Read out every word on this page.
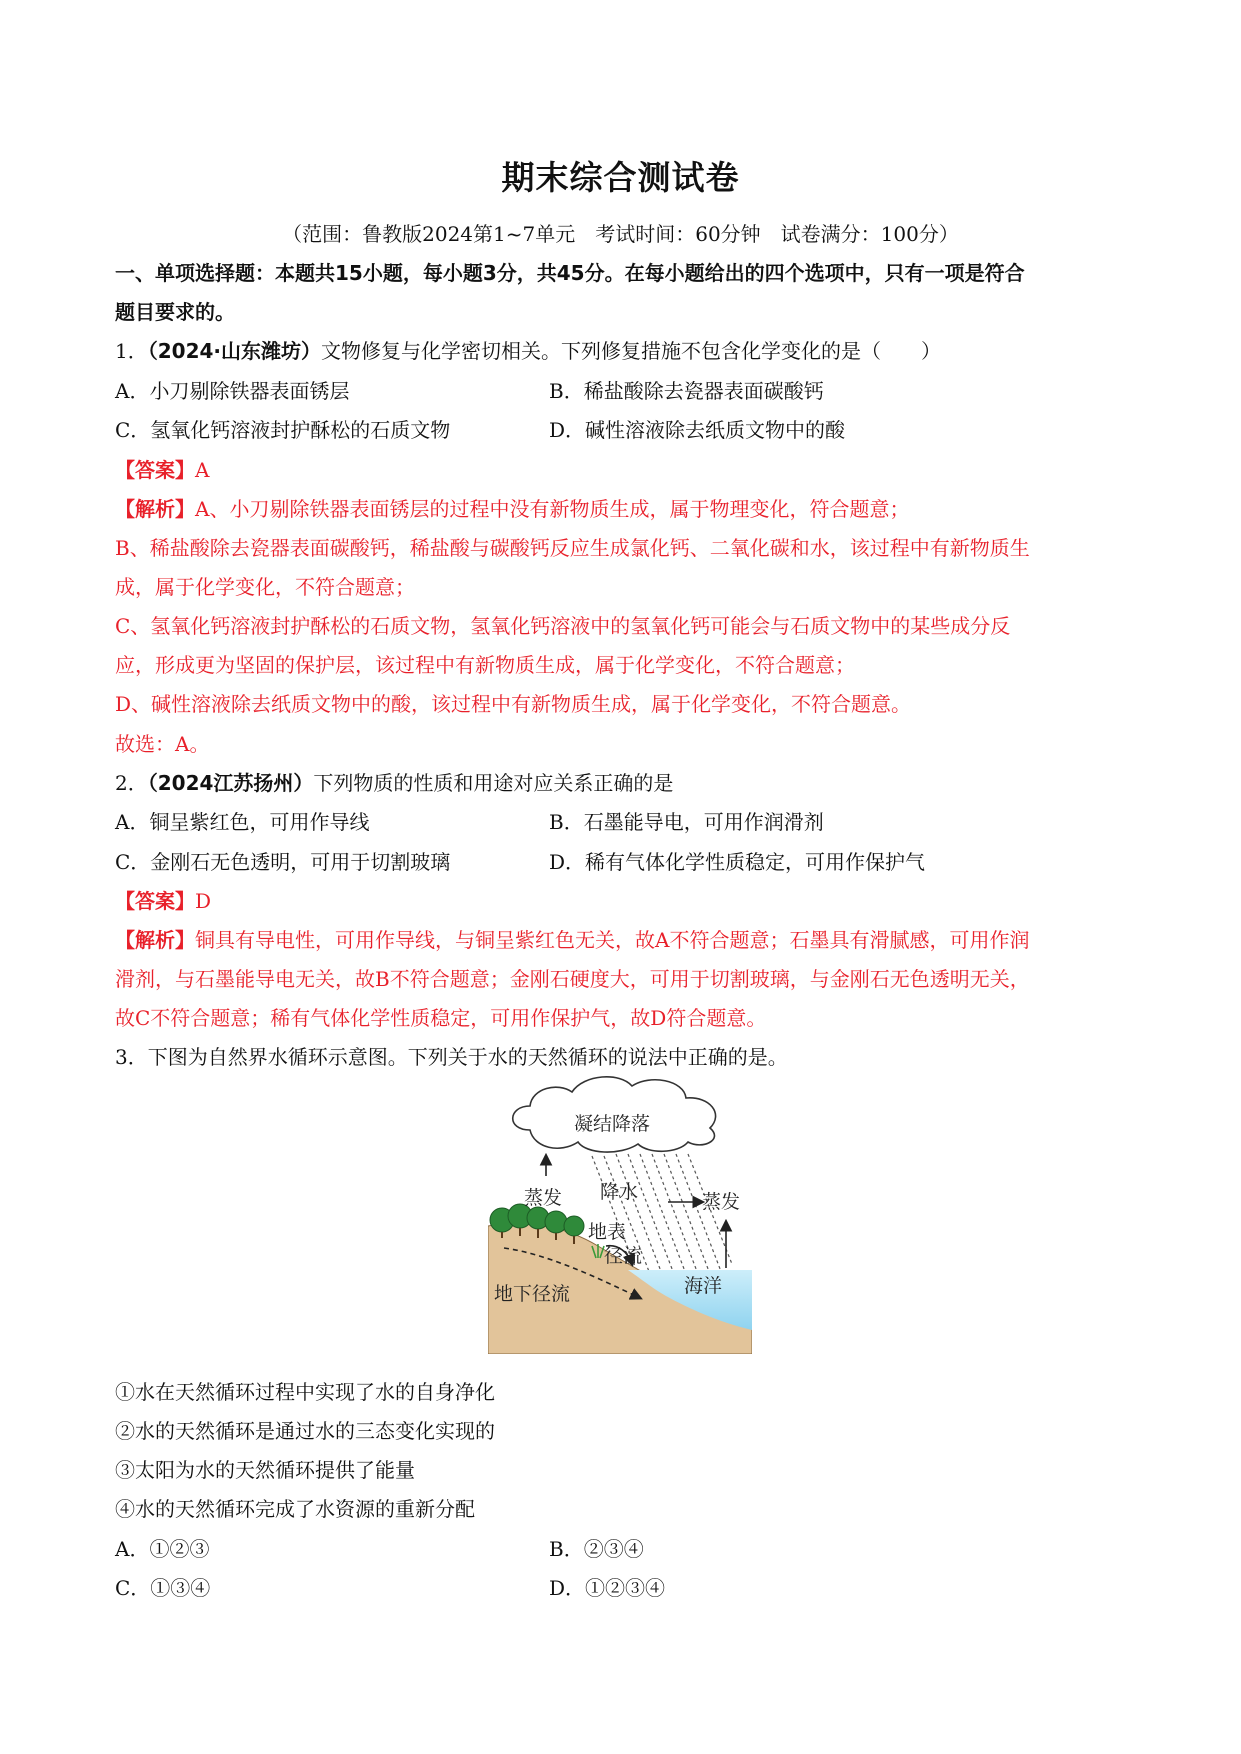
期末综合测试卷
（范围：鲁教版2024第1~7单元　考试时间：60分钟　试卷满分：100分）
一、单项选择题：本题共15小题，每小题3分，共45分。在每小题给出的四个选项中，只有一项是符合
题目要求的。
1．（2024·山东潍坊）文物修复与化学密切相关。下列修复措施不包含化学变化的是（　　）
A．小刀剔除铁器表面锈层	B．稀盐酸除去瓷器表面碳酸钙
C．氢氧化钙溶液封护酥松的石质文物	D．碱性溶液除去纸质文物中的酸
【答案】A
【解析】A、小刀剔除铁器表面锈层的过程中没有新物质生成，属于物理变化，符合题意；
B、稀盐酸除去瓷器表面碳酸钙，稀盐酸与碳酸钙反应生成氯化钙、二氧化碳和水，该过程中有新物质生
成，属于化学变化，不符合题意；
C、氢氧化钙溶液封护酥松的石质文物，氢氧化钙溶液中的氢氧化钙可能会与石质文物中的某些成分反
应，形成更为坚固的保护层，该过程中有新物质生成，属于化学变化，不符合题意；
D、碱性溶液除去纸质文物中的酸，该过程中有新物质生成，属于化学变化，不符合题意。
故选：A。
2．（2024江苏扬州）下列物质的性质和用途对应关系正确的是
A．铜呈紫红色，可用作导线	B．石墨能导电，可用作润滑剂
C．金刚石无色透明，可用于切割玻璃	D．稀有气体化学性质稳定，可用作保护气
【答案】D
【解析】铜具有导电性，可用作导线，与铜呈紫红色无关，故A不符合题意；石墨具有滑腻感，可用作润
滑剂，与石墨能导电无关，故B不符合题意；金刚石硬度大，可用于切割玻璃，与金刚石无色透明无关，
故C不符合题意；稀有气体化学性质稳定，可用作保护气，故D符合题意。
3．下图为自然界水循环示意图。下列关于水的天然循环的说法中正确的是。
凝结降落
蒸发 降水	蒸发
地表
径流
地下径流	海洋
①水在天然循环过程中实现了水的自身净化
②水的天然循环是通过水的三态变化实现的
③太阳为水的天然循环提供了能量
④水的天然循环完成了水资源的重新分配
A．①②③	B．②③④
C．①③④	D．①②③④
